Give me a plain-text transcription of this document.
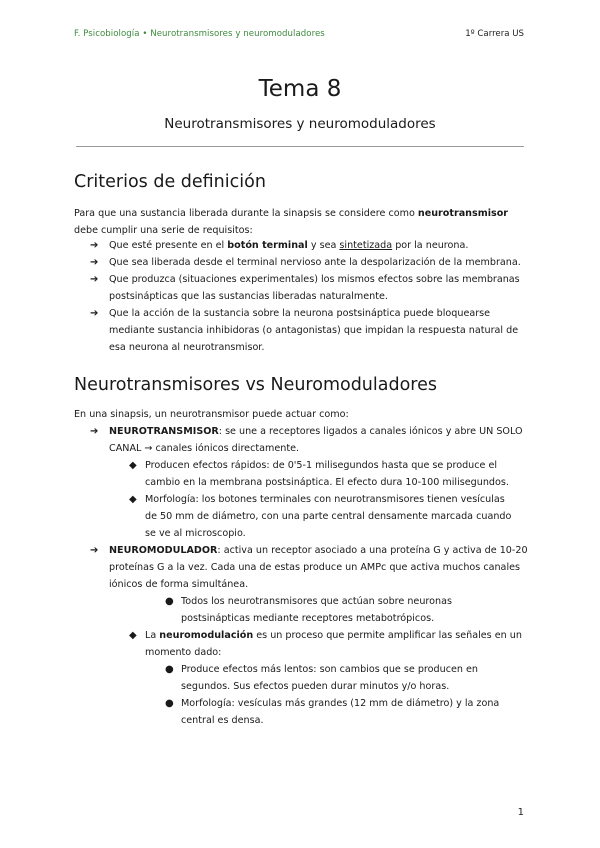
F. Psicobiología • Neurotransmisores y neuromoduladores	1º Carrera US
Tema 8
Neurotransmisores y neuromoduladores
Criterios de definición
Para que una sustancia liberada durante la sinapsis se considere como neurotransmisor
debe cumplir una serie de requisitos:
➔ Que esté presente en el botón terminal y sea sintetizada por la neurona.
➔ Que sea liberada desde el terminal nervioso ante la despolarización de la membrana.
➔ Que produzca (situaciones experimentales) los mismos efectos sobre las membranas
postsinápticas que las sustancias liberadas naturalmente.
➔ Que la acción de la sustancia sobre la neurona postsináptica puede bloquearse
mediante sustancia inhibidoras (o antagonistas) que impidan la respuesta natural de
esa neurona al neurotransmisor.
Neurotransmisores vs Neuromoduladores
En una sinapsis, un neurotransmisor puede actuar como:
➔ NEUROTRANSMISOR: se une a receptores ligados a canales iónicos y abre UN SOLO
CANAL → canales iónicos directamente.
◆ Producen efectos rápidos: de 0'5-1 milisegundos hasta que se produce el
cambio en la membrana postsináptica. El efecto dura 10-100 milisegundos.
◆ Morfología: los botones terminales con neurotransmisores tienen vesículas
de 50 mm de diámetro, con una parte central densamente marcada cuando
se ve al microscopio.
➔ NEUROMODULADOR: activa un receptor asociado a una proteína G y activa de 10-20
proteínas G a la vez. Cada una de estas produce un AMPc que activa muchos canales
iónicos de forma simultánea.
● Todos los neurotransmisores que actúan sobre neuronas
postsinápticas mediante receptores metabotrópicos.
◆ La neuromodulación es un proceso que permite amplificar las señales en un
momento dado:
● Produce efectos más lentos: son cambios que se producen en
segundos. Sus efectos pueden durar minutos y/o horas.
● Morfología: vesículas más grandes (12 mm de diámetro) y la zona
central es densa.
1
